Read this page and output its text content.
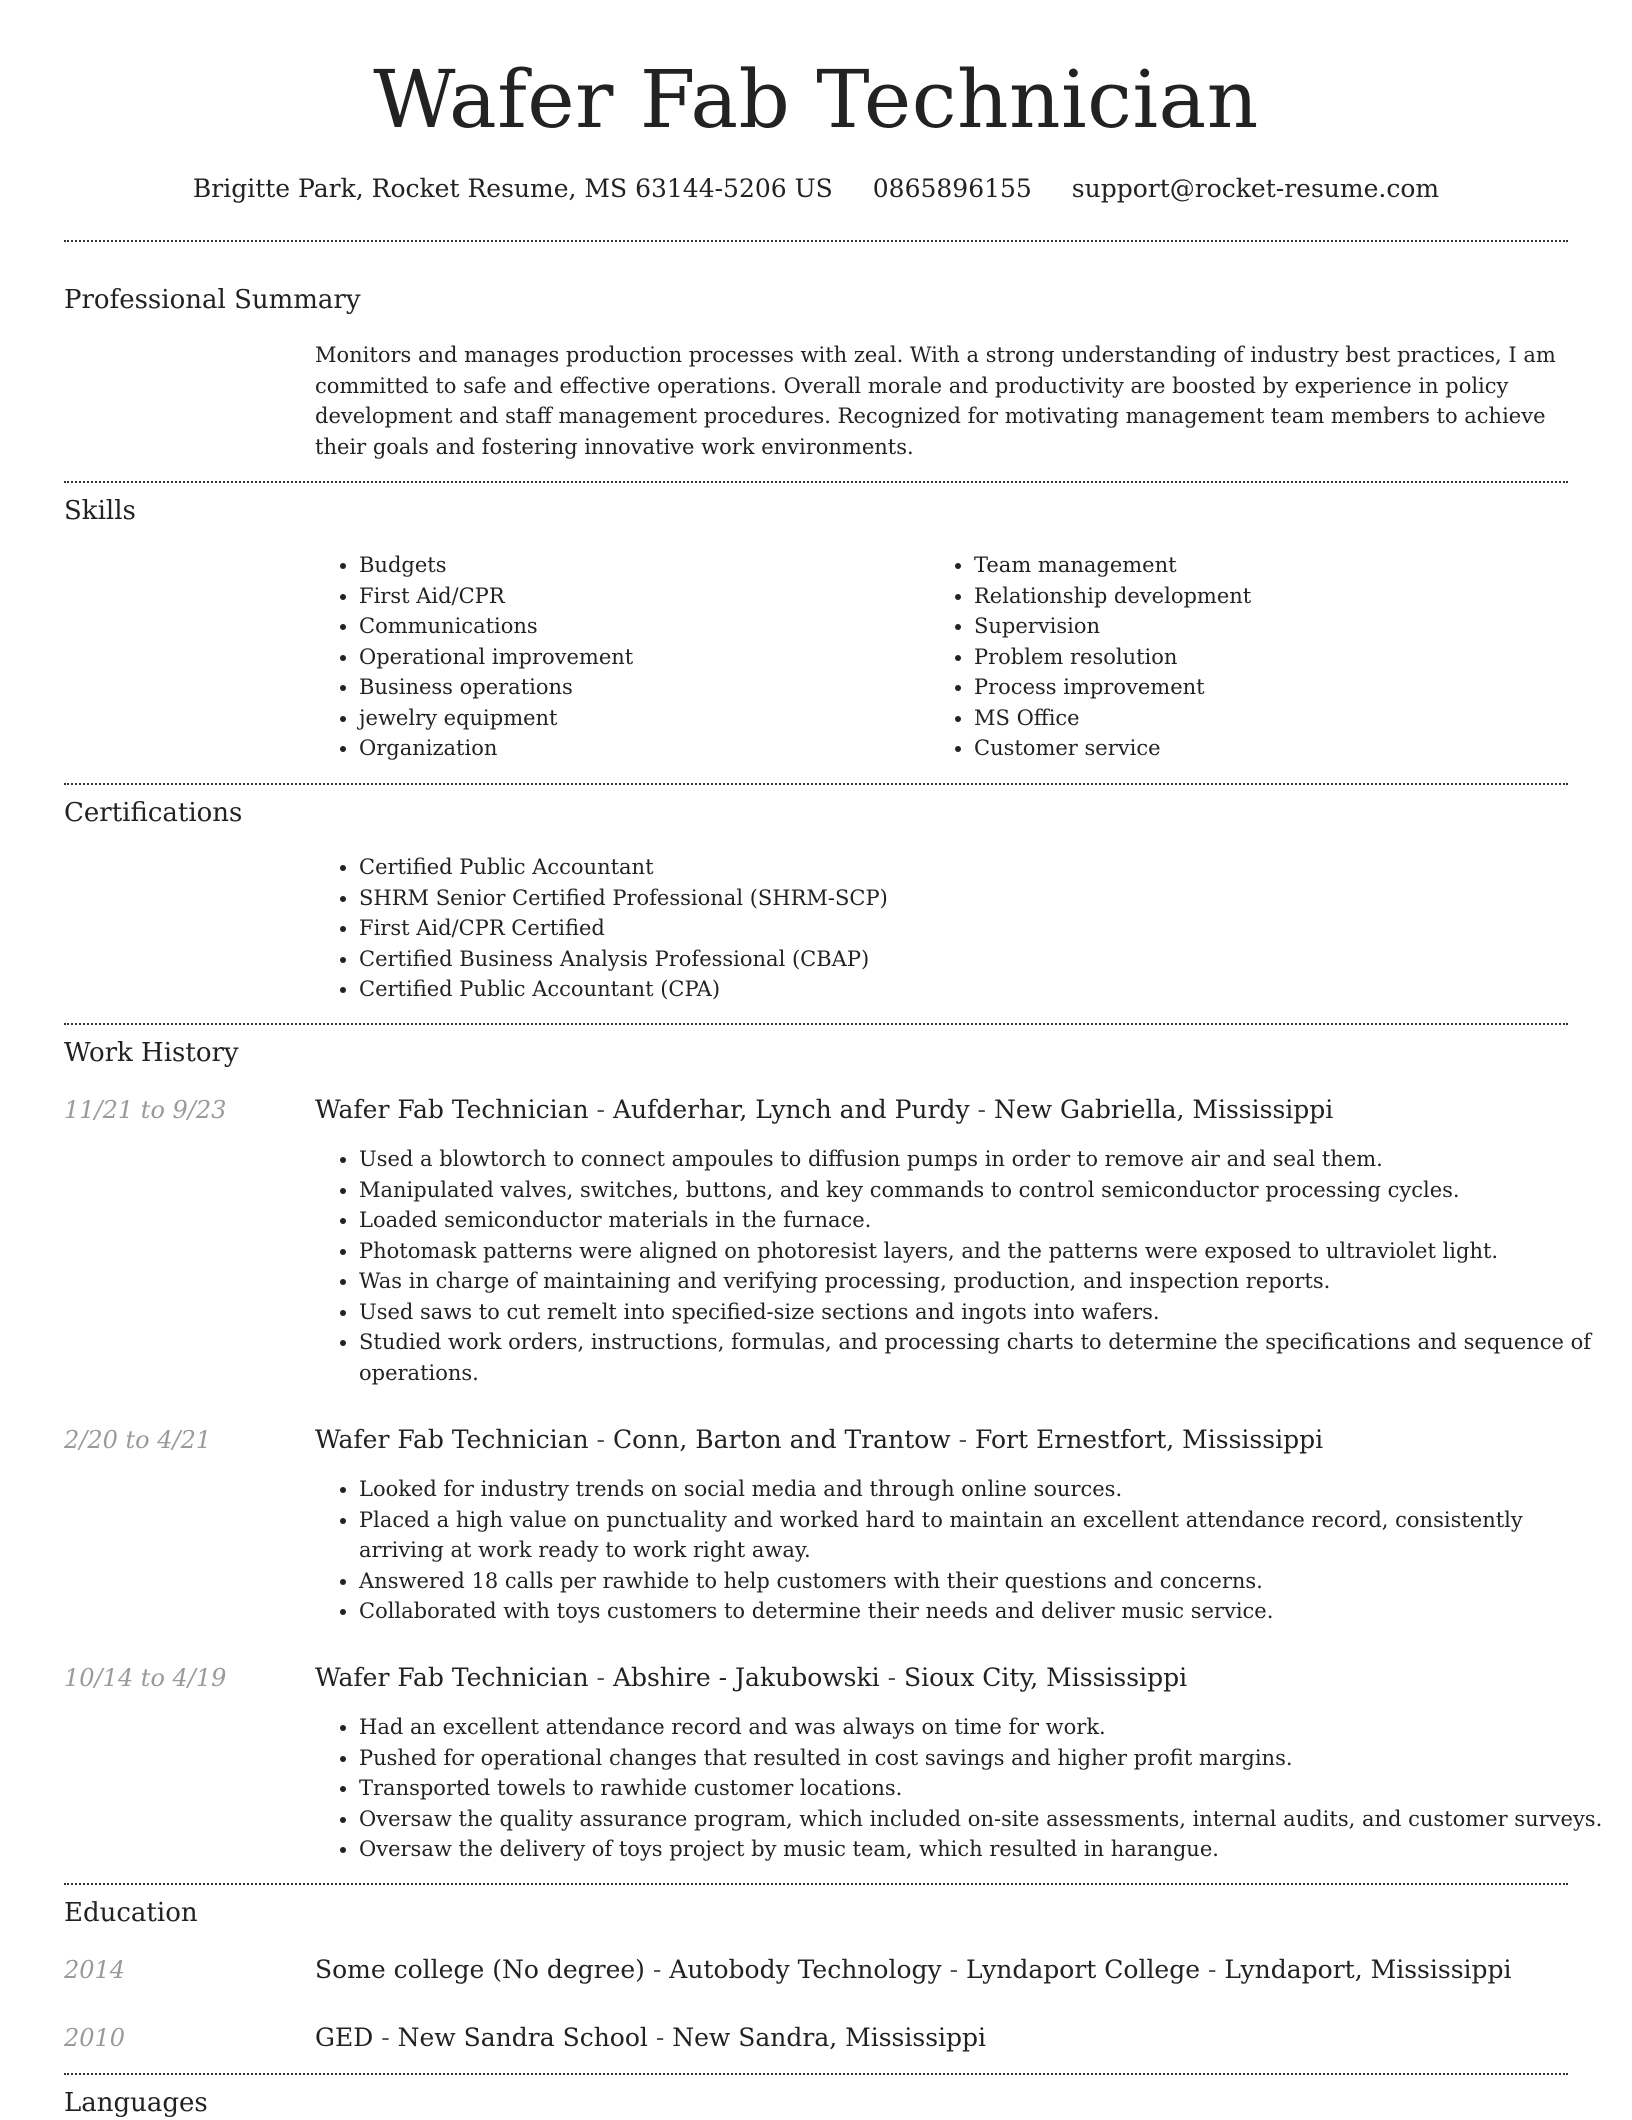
Wafer Fab Technician
Brigitte Park, Rocket Resume, MS 63144-5206 US 0865896155 support@rocket-resume.com
Professional Summary
Monitors and manages production processes with zeal. With a strong understanding of industry best practices, I am committed to safe and effective operations. Overall morale and productivity are boosted by experience in policy development and staff management procedures. Recognized for motivating management team members to achieve their goals and fostering innovative work environments.
Skills
• Budgets
• First Aid/CPR
• Communications
• Operational improvement
• Business operations
• jewelry equipment
• Organization
• Team management
• Relationship development
• Supervision
• Problem resolution
• Process improvement
• MS Office
• Customer service
Certifications
• Certified Public Accountant
• SHRM Senior Certified Professional (SHRM-SCP)
• First Aid/CPR Certified
• Certified Business Analysis Professional (CBAP)
• Certified Public Accountant (CPA)
Work History
11/21 to 9/23	Wafer Fab Technician - Aufderhar, Lynch and Purdy - New Gabriella, Mississippi
• Used a blowtorch to connect ampoules to diffusion pumps in order to remove air and seal them.
• Manipulated valves, switches, buttons, and key commands to control semiconductor processing cycles.
• Loaded semiconductor materials in the furnace.
• Photomask patterns were aligned on photoresist layers, and the patterns were exposed to ultraviolet light.
• Was in charge of maintaining and verifying processing, production, and inspection reports.
• Used saws to cut remelt into specified-size sections and ingots into wafers.
• Studied work orders, instructions, formulas, and processing charts to determine the specifications and sequence of operations.
2/20 to 4/21	Wafer Fab Technician - Conn, Barton and Trantow - Fort Ernestfort, Mississippi
• Looked for industry trends on social media and through online sources.
• Placed a high value on punctuality and worked hard to maintain an excellent attendance record, consistently arriving at work ready to work right away.
• Answered 18 calls per rawhide to help customers with their questions and concerns.
• Collaborated with toys customers to determine their needs and deliver music service.
10/14 to 4/19	Wafer Fab Technician - Abshire - Jakubowski - Sioux City, Mississippi
• Had an excellent attendance record and was always on time for work.
• Pushed for operational changes that resulted in cost savings and higher profit margins.
• Transported towels to rawhide customer locations.
• Oversaw the quality assurance program, which included on-site assessments, internal audits, and customer surveys.
• Oversaw the delivery of toys project by music team, which resulted in harangue.
Education
2014	Some college (No degree) - Autobody Technology - Lyndaport College - Lyndaport, Mississippi
2010	GED - New Sandra School - New Sandra, Mississippi
Languages
